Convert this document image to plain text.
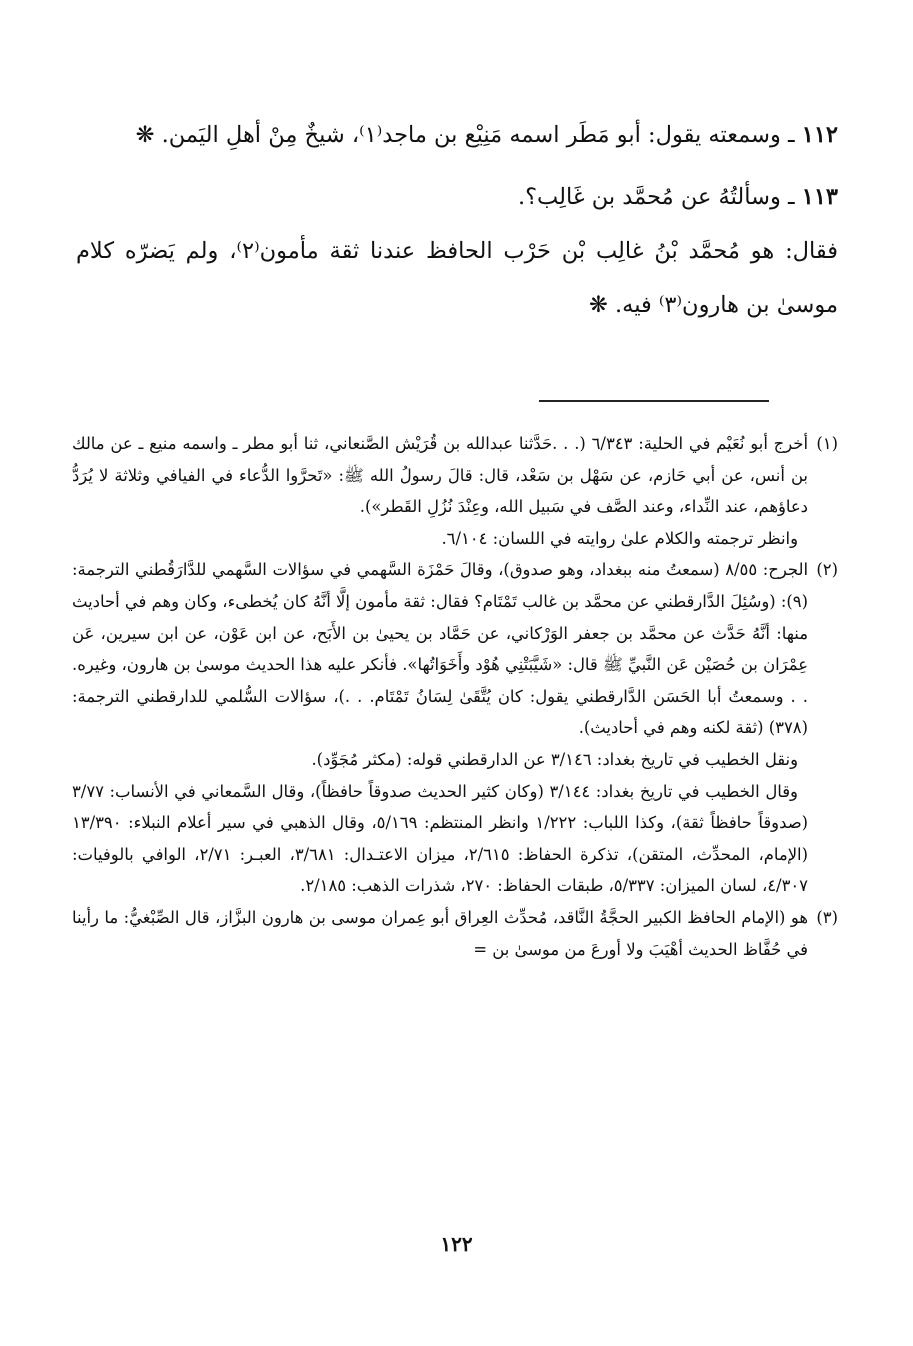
١١٢ ـ وسمعته يقول: أبو مَطَر اسمه مَنِيْع بن ماجد⁽١⁾، شيخٌ مِنْ أهلِ اليَمن. ❋

١١٣ ـ وسألتُهُ عن مُحمَّد بن غَالِب؟.

فقال: هو مُحمَّد بْنُ غالِب بْن حَرْب الحافظ عندنا ثقة مأمون⁽٢⁾، ولم يَضرّه كلام موسىٰ بن هارون⁽٣⁾ فيه. ❋

(١)
أخرج أبو نُعَيْم في الحلية: ٦/٣٤٣ (. . .حَدَّثنا عبدالله بن قُرَيْش الصَّنعاني، ثنا أبو مطر ـ واسمه منيع ـ عن مالك بن أنس، عن أبي حَازم، عن سَهْل بن سَعْد، قال: قالَ رسولُ الله ﷺ: «تَحرَّوا الدُّعاء في الفيافي وثلاثة لا يُرَدُّ دعاؤهم، عند النِّداء، وعند الصَّف في سَبيل الله، وعِنْدَ نُزُلِ القَطر»).

وانظر ترجمته والكلام علىٰ روايته في اللسان: ٦/١٠٤.

(٢)
الجرح: ٨/٥٥ (سمعتُ منه ببغداد، وهو صدوق)، وقالَ حَمْزَة السَّهمي في سؤالات السَّهمي للدَّارَقُطني الترجمة: (٩): (وسُئِلَ الدَّارقطني عن محمَّد بن غالب تَمْتَام؟ فقال: ثقة مأمون إلَّا أنَّهُ كان يُخطىء، وكان وهم في أحاديث منها: أنَّهُ حَدَّث عن محمَّد بن جعفر الوَرْكاني، عن حَمَّاد بن يحيىٰ بن الأَبَح، عن ابن عَوْن، عن ابن سيرين، عَن عِمْرَان بن حُصَيْن عَن النَّبيِّ ﷺ قال: «شَيَّبَتْنِي هُوْد وأَخَوَاتُها». فأنكر عليه هذا الحديث موسىٰ بن هارون، وغيره. . . وسمعتُ أبا الحَسَن الدَّارقطني يقول: كان يُتَّقَىٰ لِسَانُ تَمْتَام. . .)، سؤالات السُّلمي للدارقطني الترجمة: (٣٧٨) (ثقة لكنه وهم في أحاديث).

ونقل الخطيب في تاريخ بغداد: ٣/١٤٦ عن الدارقطني قوله: (مكثر مُجَوِّد).

وقال الخطيب في تاريخ بغداد: ٣/١٤٤ (وكان كثير الحديث صدوقاً حافظاً)، وقال السَّمعاني في الأنساب: ٣/٧٧ (صدوقاً حافظاً ثقة)، وكذا اللباب: ١/٢٢٢ وانظر المنتظم: ٥/١٦٩، وقال الذهبي في سير أعلام النبلاء: ١٣/٣٩٠ (الإمام، المحدِّث، المتقن)، تذكرة الحفاظ: ٢/٦١٥، ميزان الاعتـدال: ٣/٦٨١، العبـر: ٢/٧١، الوافي بالوفيات: ٤/٣٠٧، لسان الميزان: ٥/٣٣٧، طبقات الحفاظ: ٢٧٠، شذرات الذهب: ٢/١٨٥.

(٣)
هو (الإمام الحافظ الكبير الحجَّةُ النَّاقد، مُحدِّث العِراق أبو عِمران موسى بن هارون البزَّاز، قال الصِّبْغيُّ: ما رأينا في حُفَّاظ الحديث أهْيَبَ ولا أورعَ من موسىٰ بن =
١٢٢
